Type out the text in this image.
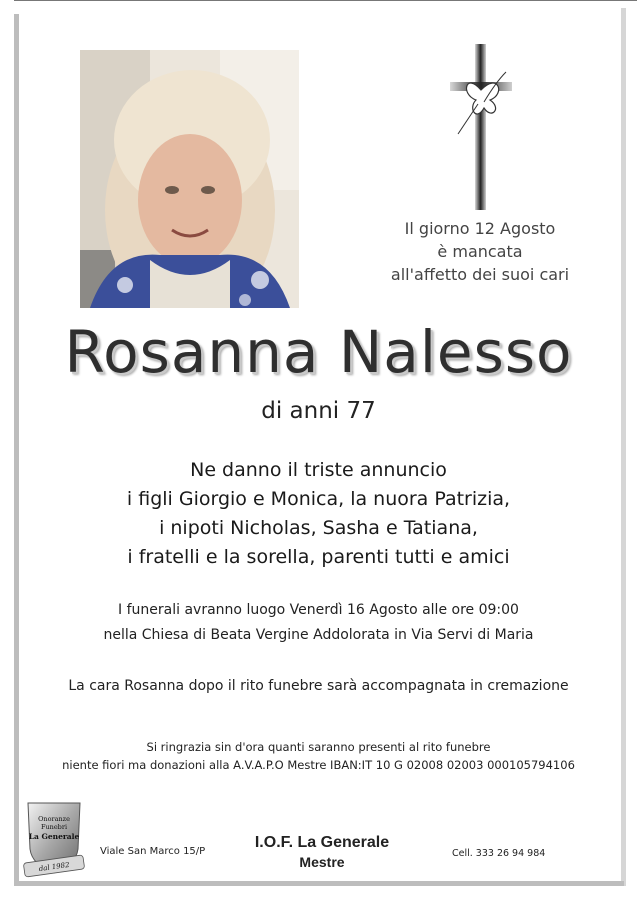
Il giorno 12 Agosto
è mancata
all'affetto dei suoi cari
Rosanna Nalesso
di anni 77
Ne danno il triste annuncio
i figli Giorgio e Monica, la nuora Patrizia,
i nipoti Nicholas, Sasha e Tatiana,
i fratelli e la sorella, parenti tutti e amici
I funerali avranno luogo Venerdì 16 Agosto alle ore 09:00
nella Chiesa di Beata Vergine Addolorata in Via Servi di Maria
La cara Rosanna dopo il rito funebre sarà accompagnata in cremazione
Si ringrazia sin d'ora quanti saranno presenti al rito funebre
niente fiori ma donazioni alla A.V.A.P.O Mestre IBAN:IT 10 G 02008 02003 000105794106
Onoranze
Funebri
La Generale
dal 1982
Viale San Marco 15/P
I.O.F. La Generale
Mestre
Cell. 333 26 94 984
